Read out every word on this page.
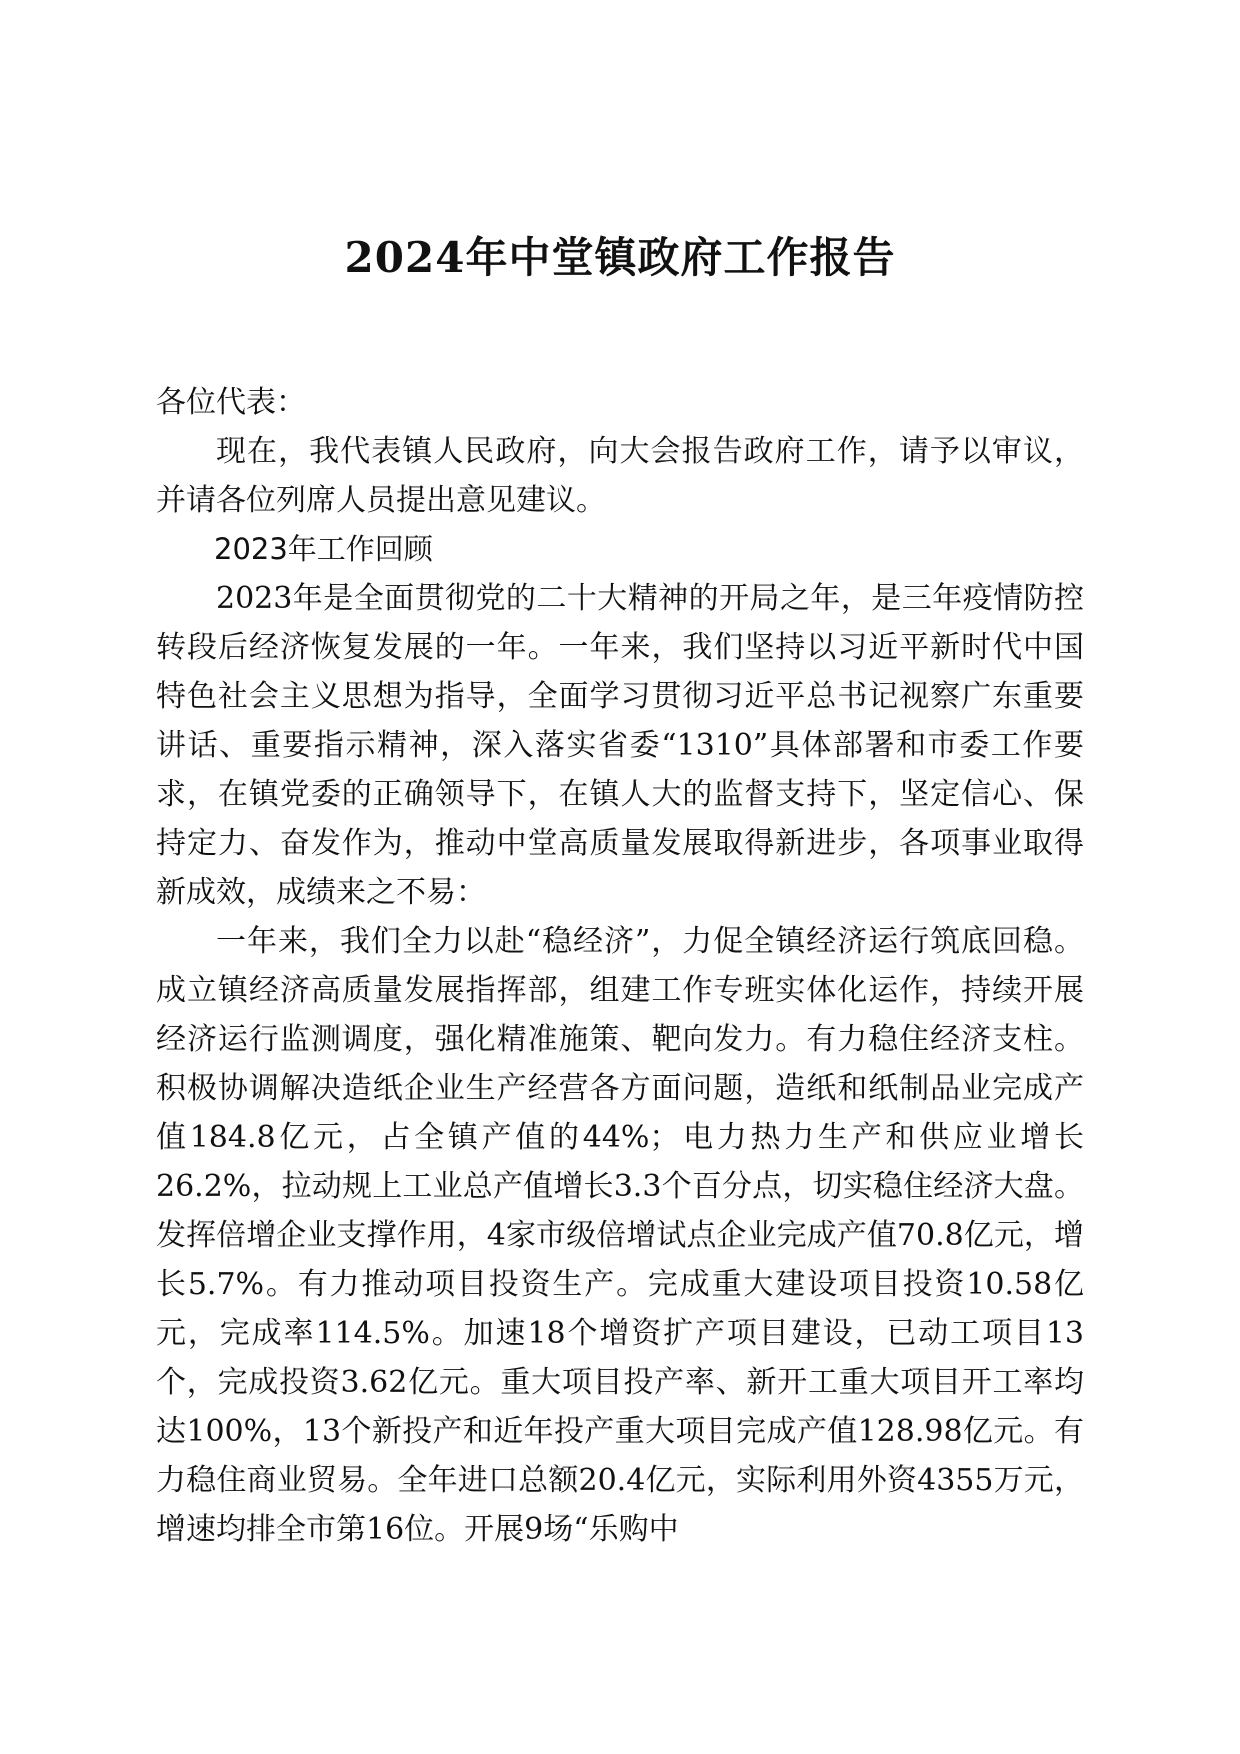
2024年中堂镇政府工作报告

各位代表：

现在，我代表镇人民政府，向大会报告政府工作，请予以审议，并请各位列席人员提出意见建议。

2023年工作回顾

2023年是全面贯彻党的二十大精神的开局之年，是三年疫情防控转段后经济恢复发展的一年。一年来，我们坚持以习近平新时代中国特色社会主义思想为指导，全面学习贯彻习近平总书记视察广东重要讲话、重要指示精神，深入落实省委“1310”具体部署和市委工作要求，在镇党委的正确领导下，在镇人大的监督支持下，坚定信心、保持定力、奋发作为，推动中堂高质量发展取得新进步，各项事业取得新成效，成绩来之不易：

一年来，我们全力以赴“稳经济”，力促全镇经济运行筑底回稳。成立镇经济高质量发展指挥部，组建工作专班实体化运作，持续开展经济运行监测调度，强化精准施策、靶向发力。有力稳住经济支柱。积极协调解决造纸企业生产经营各方面问题，造纸和纸制品业完成产值184.8亿元，占全镇产值的44%；电力热力生产和供应业增长26.2%，拉动规上工业总产值增长3.3个百分点，切实稳住经济大盘。发挥倍增企业支撑作用，4家市级倍增试点企业完成产值70.8亿元，增长5.7%。有力推动项目投资生产。完成重大建设项目投资10.58亿元，完成率114.5%。加速18个增资扩产项目建设，已动工项目13个，完成投资3.62亿元。重大项目投产率、新开工重大项目开工率均达100%，13个新投产和近年投产重大项目完成产值128.98亿元。有力稳住商业贸易。全年进口总额20.4亿元，实际利用外资4355万元，增速均排全市第16位。开展9场“乐购中
